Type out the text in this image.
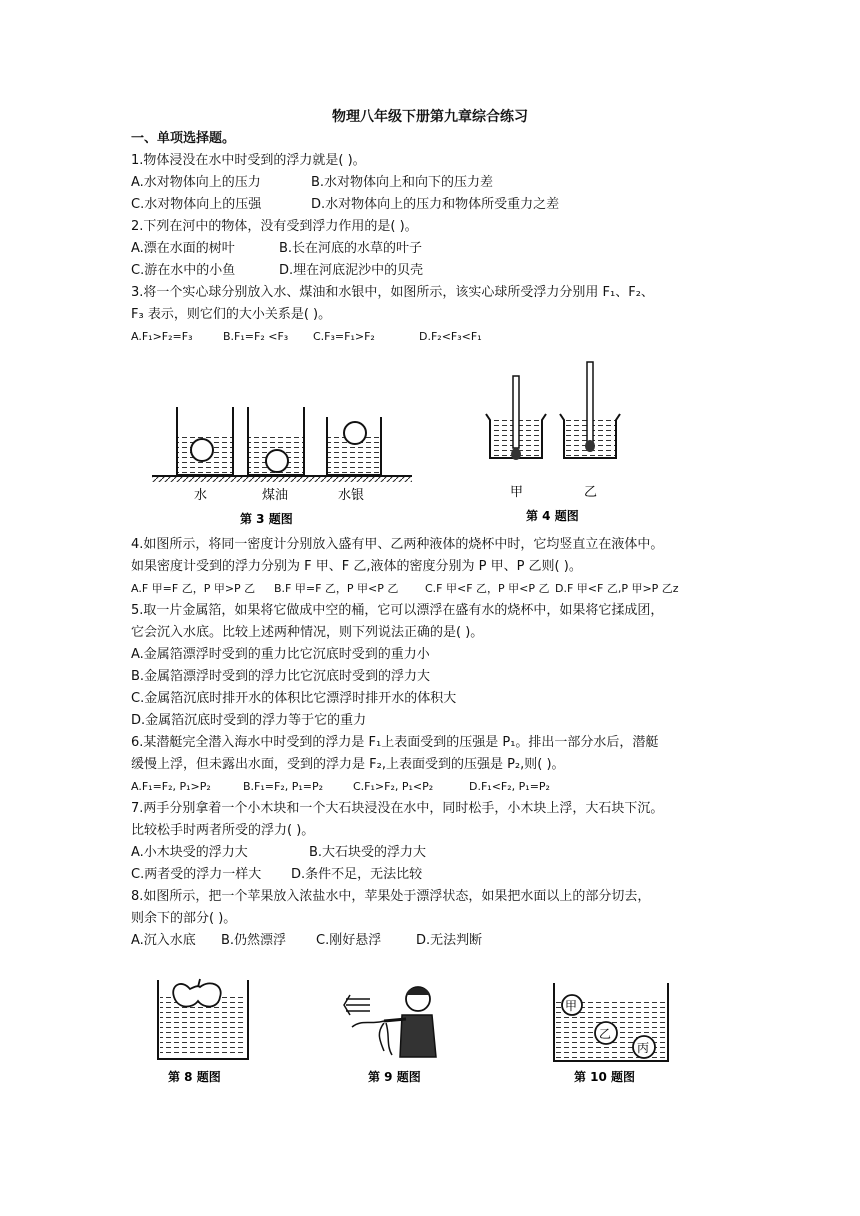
物理八年级下册第九章综合练习
一、单项选择题。
1.物体浸没在水中时受到的浮力就是( )。
A.水对物体向上的压力	B.水对物体向上和向下的压力差
C.水对物体向上的压强	D.水对物体向上的压力和物体所受重力之差
2.下列在河中的物体，没有受到浮力作用的是( )。
A.漂在水面的树叶	B.长在河底的水草的叶子
C.游在水中的小鱼	D.埋在河底泥沙中的贝壳
3.将一个实心球分别放入水、煤油和水银中，如图所示，该实心球所受浮力分别用 F₁、F₂、
F₃ 表示，则它们的大小关系是( )。
A.F₁>F₂=F₃	B.F₁=F₂ <F₃ C.F₃=F₁>F₂	D.F₂<F₃<F₁
水	煤油	水银
第 3 题图
甲	乙
第 4 题图
4.如图所示，将同一密度计分别放入盛有甲、乙两种液体的烧杯中时，它均竖直立在液体中。
如果密度计受到的浮力分别为 F 甲、F 乙,液体的密度分别为 P 甲、P 乙则( )。
A.F 甲=F 乙，P 甲>P 乙 B.F 甲=F 乙，P 甲<P 乙 C.F 甲<F 乙，P 甲<P 乙 D.F 甲<F 乙,P 甲>P 乙z
5.取一片金属箔，如果将它做成中空的桶，它可以漂浮在盛有水的烧杯中，如果将它揉成团，
它会沉入水底。比较上述两种情况，则下列说法正确的是( )。
A.金属箔漂浮时受到的重力比它沉底时受到的重力小
B.金属箔漂浮时受到的浮力比它沉底时受到的浮力大
C.金属箔沉底时排开水的体积比它漂浮时排开水的体积大
D.金属箔沉底时受到的浮力等于它的重力
6.某潜艇完全潜入海水中时受到的浮力是 F₁上表面受到的压强是 P₁。排出一部分水后，潜艇
缓慢上浮，但未露出水面，受到的浮力是 F₂,上表面受到的压强是 P₂,则( )。
A.F₁=F₂, P₁>P₂	B.F₁=F₂, P₁=P₂	C.F₁>F₂, P₁<P₂	D.F₁<F₂, P₁=P₂
7.两手分别拿着一个小木块和一个大石块浸没在水中，同时松手，小木块上浮，大石块下沉。
比较松手时两者所受的浮力( )。
A.小木块受的浮力大	B.大石块受的浮力大
C.两者受的浮力一样大 D.条件不足，无法比较
8.如图所示，把一个苹果放入浓盐水中，苹果处于漂浮状态，如果把水面以上的部分切去，
则余下的部分( )。
A.沉入水底 B.仍然漂浮 C.刚好悬浮	D.无法判断
第 8 题图	第 9 题图
甲
乙
丙
第 10 题图
